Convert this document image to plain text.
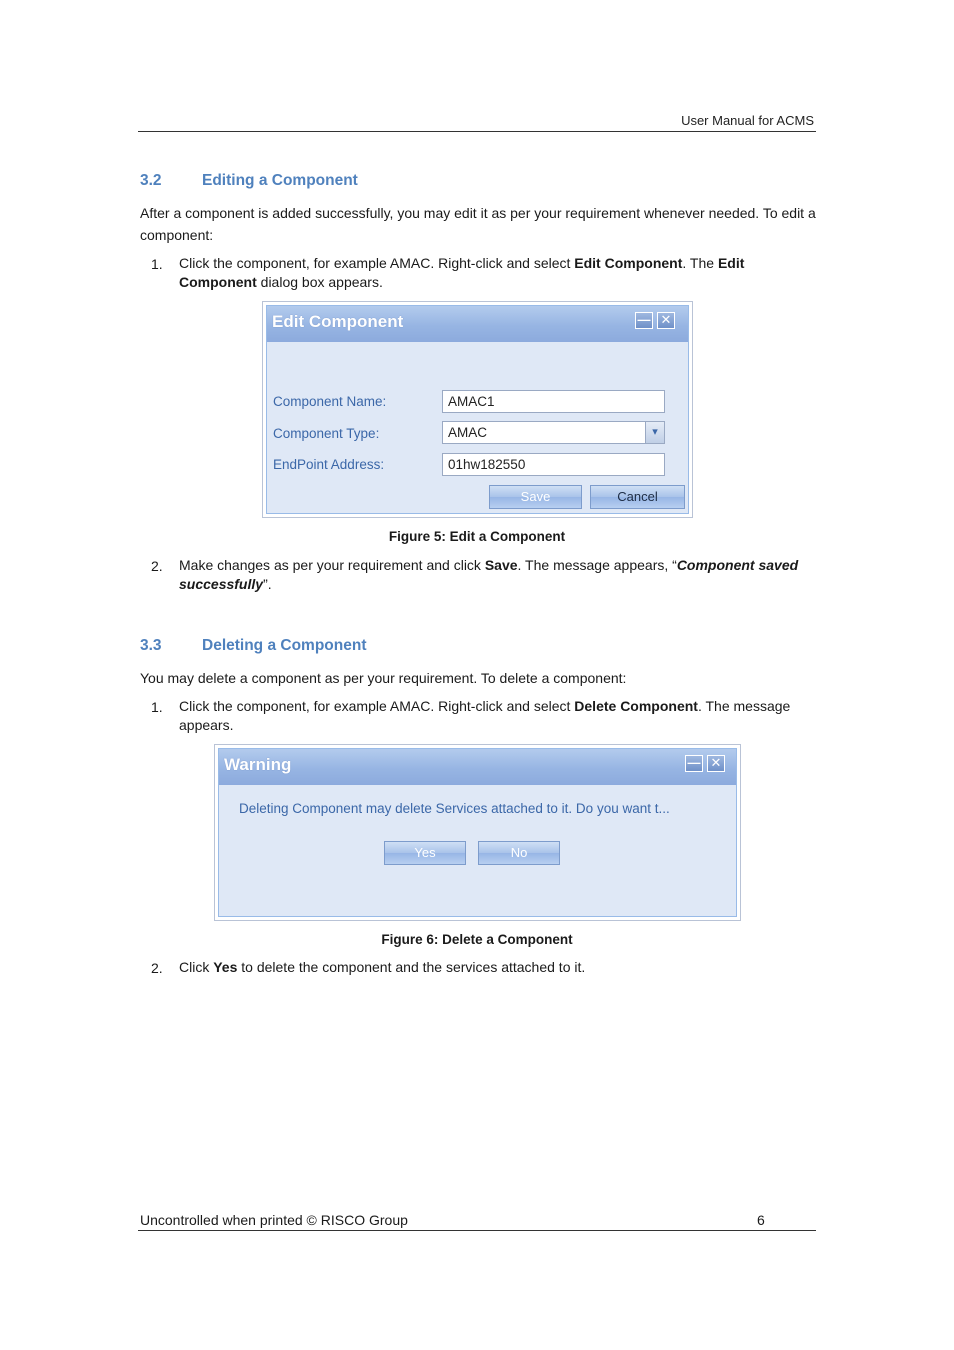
User Manual for ACMS
3.2	Editing a Component
After a component is added successfully, you may edit it as per your requirement whenever needed. To edit a component:
1. Click the component, for example AMAC. Right-click and select Edit Component. The Edit Component dialog box appears.
Edit Component	— ✕
Component Name:	AMAC1
Component Type:	AMAC	▾
EndPoint Address:	01hw182550
Save	Cancel
Figure 5: Edit a Component
2. Make changes as per your requirement and click Save. The message appears, “Component saved successfully”.
3.3	Deleting a Component
You may delete a component as per your requirement. To delete a component:
1. Click the component, for example AMAC. Right-click and select Delete Component. The message appears.
Warning	— ✕
Deleting Component may delete Services attached to it. Do you want t...
Yes	No
Figure 6: Delete a Component
2. Click Yes to delete the component and the services attached to it.
Uncontrolled when printed © RISCO Group	6
